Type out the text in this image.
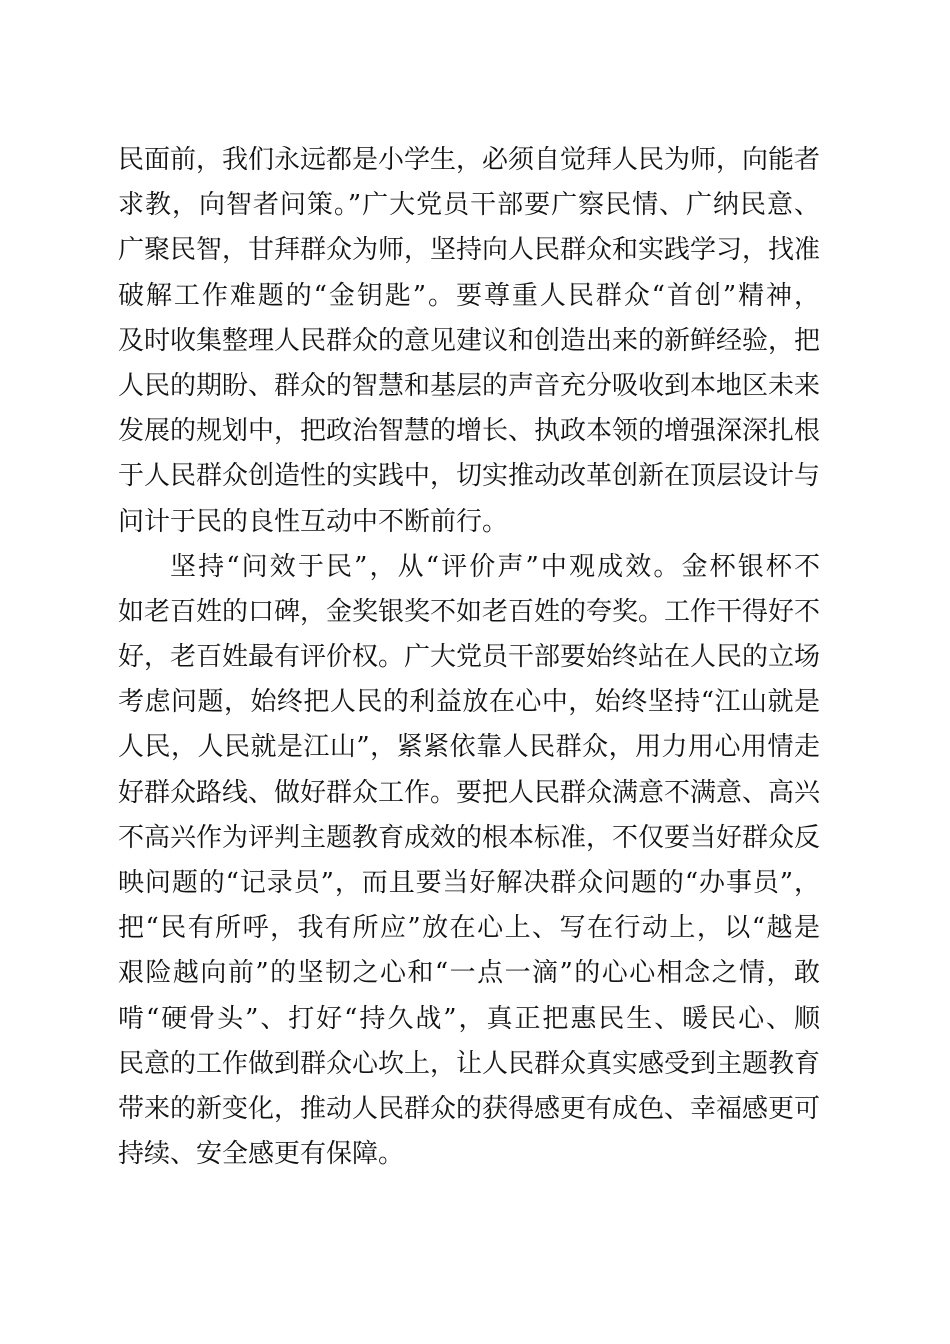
民面前，我们永远都是小学生，必须自觉拜人民为师，向能者
求教，向智者问策。”广大党员干部要广察民情、广纳民意、
广聚民智，甘拜群众为师，坚持向人民群众和实践学习，找准
破解工作难题的“金钥匙”。要尊重人民群众“首创”精神，
及时收集整理人民群众的意见建议和创造出来的新鲜经验，把
人民的期盼、群众的智慧和基层的声音充分吸收到本地区未来
发展的规划中，把政治智慧的增长、执政本领的增强深深扎根
于人民群众创造性的实践中，切实推动改革创新在顶层设计与
问计于民的良性互动中不断前行。
坚持“问效于民”，从“评价声”中观成效。金杯银杯不
如老百姓的口碑，金奖银奖不如老百姓的夸奖。工作干得好不
好，老百姓最有评价权。广大党员干部要始终站在人民的立场
考虑问题，始终把人民的利益放在心中，始终坚持“江山就是
人民，人民就是江山”，紧紧依靠人民群众，用力用心用情走
好群众路线、做好群众工作。要把人民群众满意不满意、高兴
不高兴作为评判主题教育成效的根本标准，不仅要当好群众反
映问题的“记录员”，而且要当好解决群众问题的“办事员”，
把“民有所呼，我有所应”放在心上、写在行动上，以“越是
艰险越向前”的坚韧之心和“一点一滴”的心心相念之情，敢
啃“硬骨头”、打好“持久战”，真正把惠民生、暖民心、顺
民意的工作做到群众心坎上，让人民群众真实感受到主题教育
带来的新变化，推动人民群众的获得感更有成色、幸福感更可
持续、安全感更有保障。
